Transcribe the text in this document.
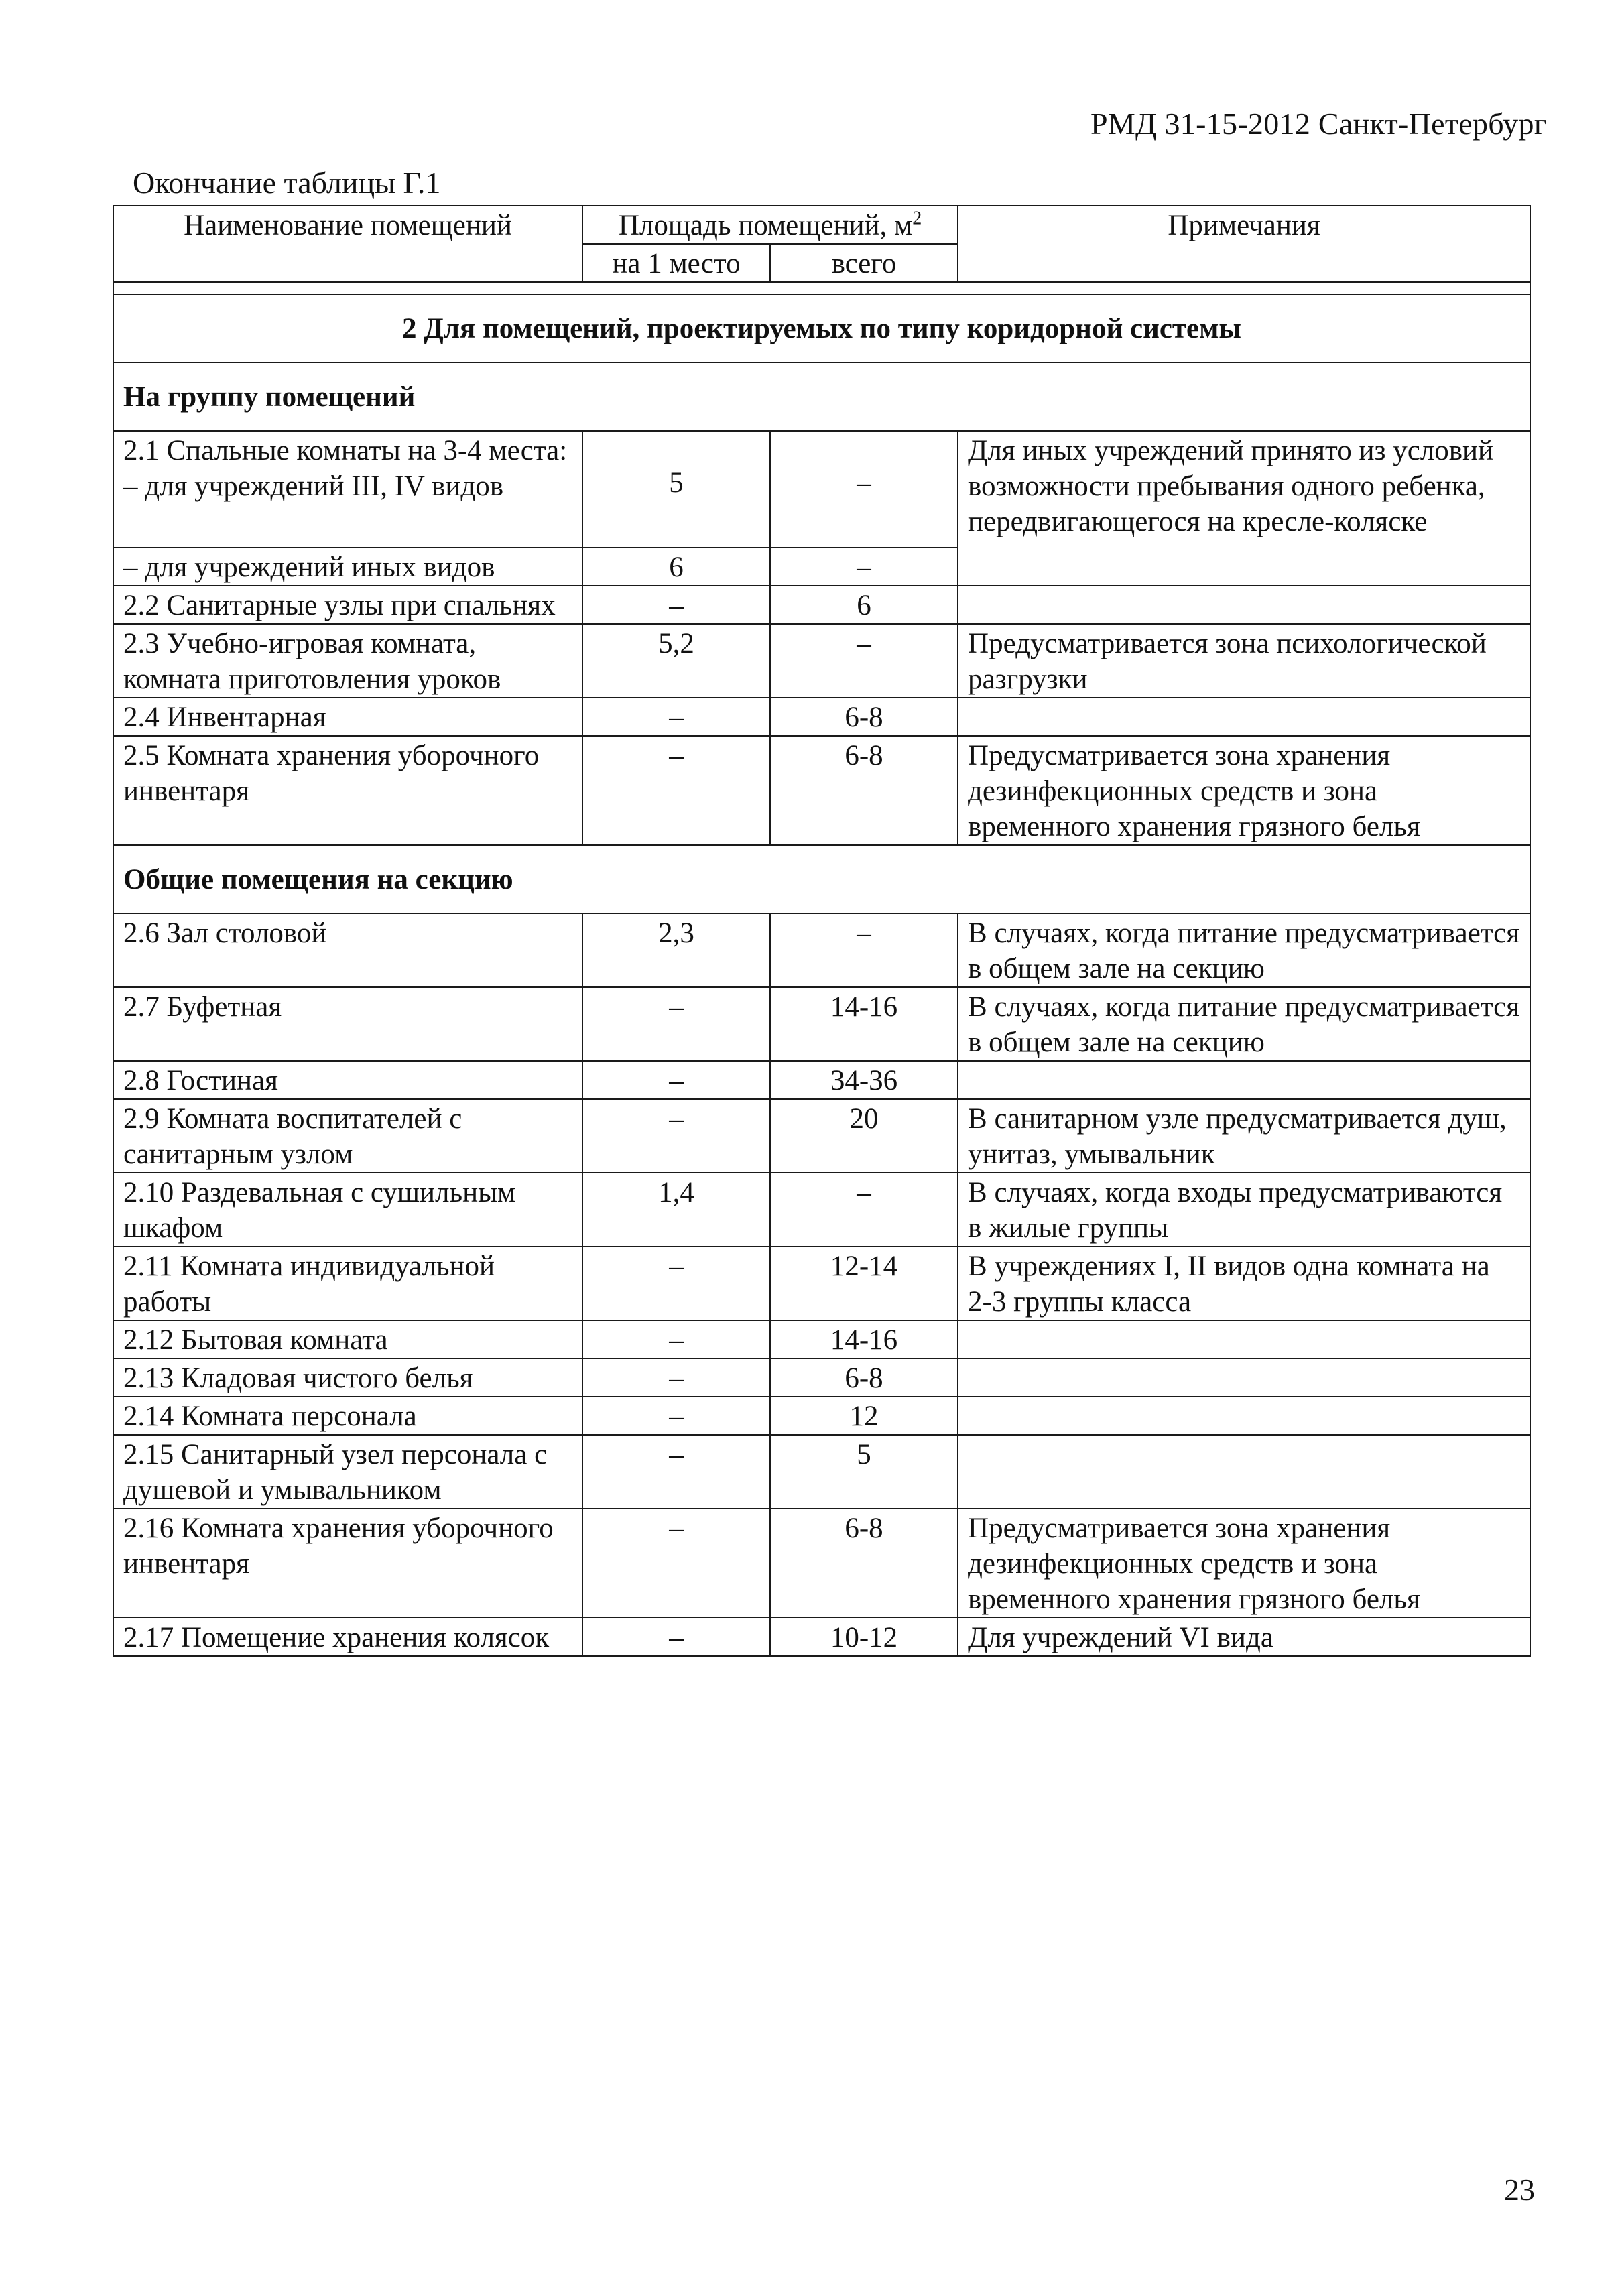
РМД 31-15-2012 Санкт-Петербург
Окончание таблицы Г.1
Наименование помещений	Площадь помещений, $м^2$		Примечания
	на 1 место	всего	

2 Для помещений, проектируемых по типу коридорной системы			
На группу помещений			
2.1 Спальные комнаты на 3-4 места:
– для учреждений III, IV видов	5	–	Для иных учреждений принято из условий возможности пребывания одного ребенка, передвигающегося на кресле-коляске
– для учреждений иных видов	6	–	
2.2 Санитарные узлы при спальнях	–	6	
2.3 Учебно-игровая комната, комната приготовления уроков	5,2	–	Предусматривается зона психологической разгрузки
2.4 Инвентарная	–	6-8	
2.5 Комната хранения уборочного инвентаря	–	6-8	Предусматривается зона хранения дезинфекционных средств и зона временного хранения грязного белья
Общие помещения на секцию			
2.6 Зал столовой	2,3	–	В случаях, когда питание предусматривается в общем зале на секцию
2.7 Буфетная	–	14-16	В случаях, когда питание предусматривается в общем зале на секцию
2.8 Гостиная	–	34-36	
2.9 Комната воспитателей с санитарным узлом	–	20	В санитарном узле предусматривается душ, унитаз, умывальник
2.10 Раздевальная с сушильным шкафом	1,4	–	В случаях, когда входы предусматриваются в жилые группы
2.11 Комната индивидуальной работы	–	12-14	В учреждениях I, II видов одна комната на 2-3 группы класса
2.12 Бытовая комната	–	14-16	
2.13 Кладовая чистого белья	–	6-8	
2.14 Комната персонала	–	12	
2.15 Санитарный узел персонала с душевой и умывальником	–	5	
2.16 Комната хранения уборочного инвентаря	–	6-8	Предусматривается зона хранения дезинфекционных средств и зона временного хранения грязного белья
2.17 Помещение хранения колясок	–	10-12	Для учреждений VI вида
23
